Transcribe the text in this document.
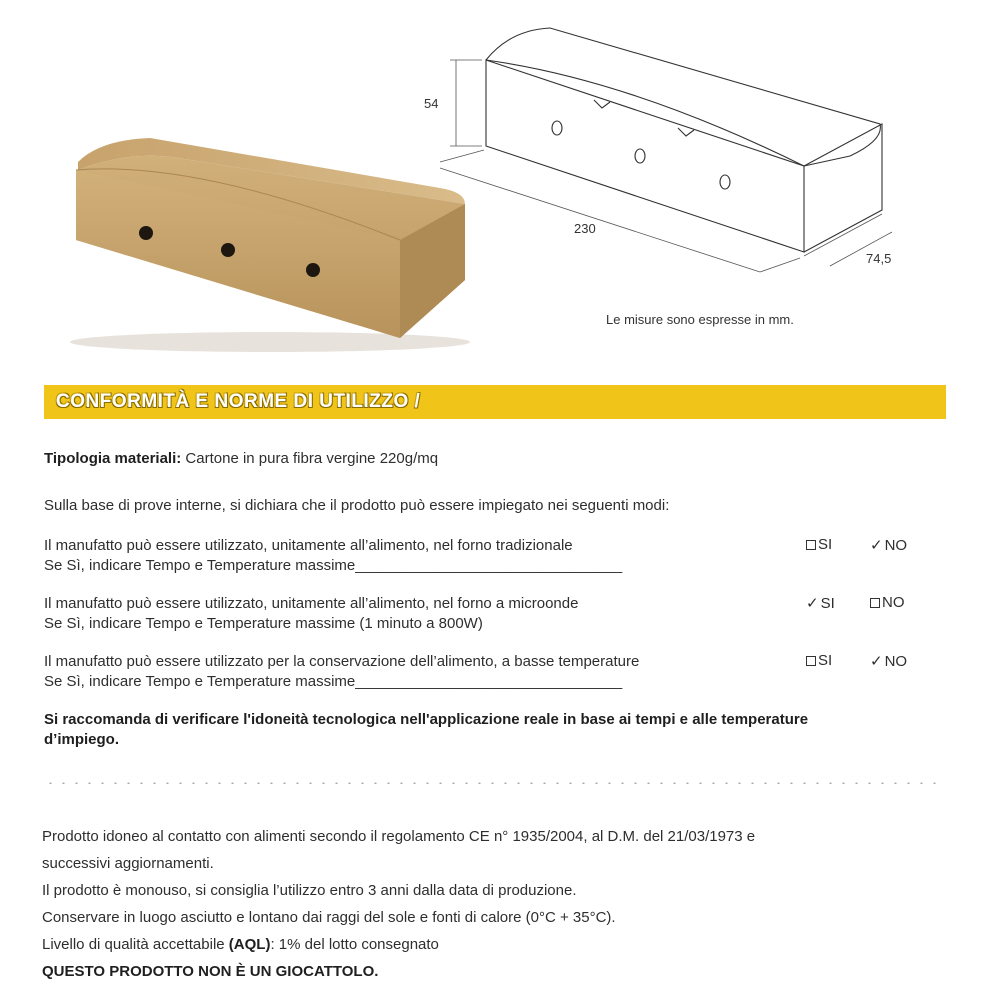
54
230
74,5
Le misure sono espresse in mm.
CONFORMITÀ E NORME DI UTILIZZO /

Tipologia materiali: Cartone in pura fibra vergine 220g/mq

Sulla base di prove interne, si dichiara che il prodotto può essere impiegato nei seguenti modi:

Il manufatto può essere utilizzato, unitamente all’alimento, nel forno tradizionale
Se Sì, indicare Tempo e Temperature massime________________________________
SI	✓ NO
Il manufatto può essere utilizzato, unitamente all’alimento, nel forno a microonde
Se Sì, indicare Tempo e Temperature massime (1 minuto a 800W)
✓ SI	NO
Il manufatto può essere utilizzato per la conservazione dell’alimento, a basse temperature
Se Sì, indicare Tempo e Temperature massime________________________________
SI	✓ NO
Si raccomanda di verificare l'idoneità tecnologica nell'applicazione reale in base ai tempi e alle temperature
d’impiego.
Prodotto idoneo al contatto con alimenti secondo il regolamento CE n° 1935/2004, al D.M. del 21/03/1973 e
successivi aggiornamenti.
Il prodotto è monouso, si consiglia l’utilizzo entro 3 anni dalla data di produzione.
Conservare in luogo asciutto e lontano dai raggi del sole e fonti di calore (0°C + 35°C).
Livello di qualità accettabile (AQL): 1% del lotto consegnato
QUESTO PRODOTTO NON È UN GIOCATTOLO.
